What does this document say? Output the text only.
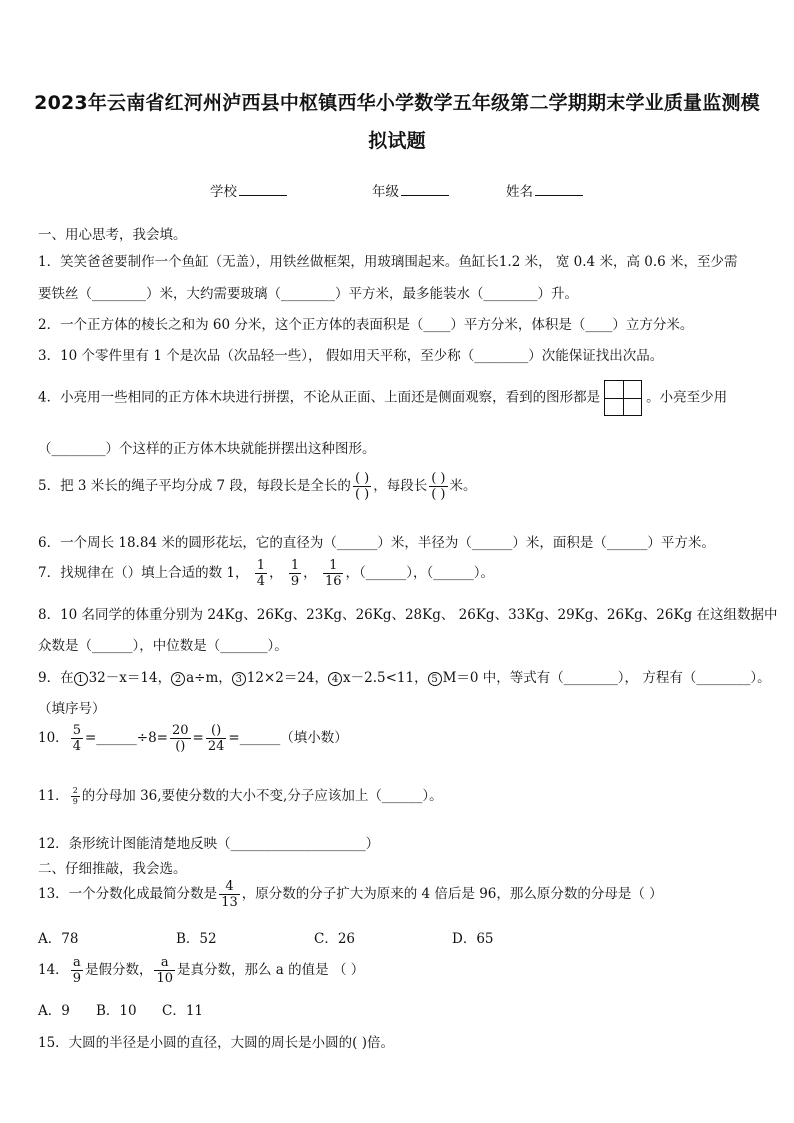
2023年云南省红河州泸西县中枢镇西华小学数学五年级第二学期期末学业质量监测模
拟试题
学校	年级	姓名
一、用心思考，我会填。
1．笑笑爸爸要制作一个鱼缸（无盖），用铁丝做框架，用玻璃围起来。鱼缸长1.2 米， 宽 0.4 米，高 0.6 米，至少需
要铁丝（________）米，大约需要玻璃（________）平方米，最多能装水（________）升。
2．一个正方体的棱长之和为 60 分米，这个正方体的表面积是（____）平方分米，体积是（____）立方分米。
3．10 个零件里有 1 个是次品（次品轻一些）， 假如用天平称，至少称（________）次能保证找出次品。
4．小亮用一些相同的正方体木块进行拼摆，不论从正面、上面还是侧面观察，看到的图形都是	。小亮至少用
（________）个这样的正方体木块就能拼摆出这种图形。
5．把 3 米长的绳子平均分成 7 段，每段长是全长的 $\frac{( )}{( )}$ ，每段长 $\frac{( )}{( )}$ 米。
6．一个周长 18.84 米的圆形花坛，它的直径为（______）米，半径为（______）米，面积是（______）平方米。
7．找规律在（）填上合适的数 1， $\frac{1}{4}$ ， $\frac{1}{9}$ ， $\frac{1}{16}$ ，（______），（______）。
8．10 名同学的体重分别为 24Kg、26Kg、23Kg、26Kg、28Kg、 26Kg、33Kg、29Kg、26Kg、26Kg 在这组数据中
众数是（______），中位数是（_______）。
9．在 1 32－x＝14， 2 a÷m， 3 12×2＝24， 4 x－2.5<11， 5 M＝0 中，等式有（________）， 方程有（________）。
（填序号）
10． $\frac{5}{4}$ =______÷8= $\frac{20}{()} = \frac{()}{24}$ =______（填小数）
11． $\frac{2}{9}$ 的分母加 36,要使分数的大小不变,分子应该加上（______）。
12．条形统计图能清楚地反映（____________________）
二、仔细推敲，我会选。
13．一个分数化成最简分数是 $\frac{4}{13}$ ，原分数的分子扩大为原来的 4 倍后是 96，那么原分数的分母是（ ）
A．78	B．52	C．26	D．65
14． $\frac{a}{9}$ 是假分数， $\frac{a}{10}$ 是真分数，那么 a 的值是 （ ）
A．9 B．10 C．11
15．大圆的半径是小圆的直径，大圆的周长是小圆的( )倍。
